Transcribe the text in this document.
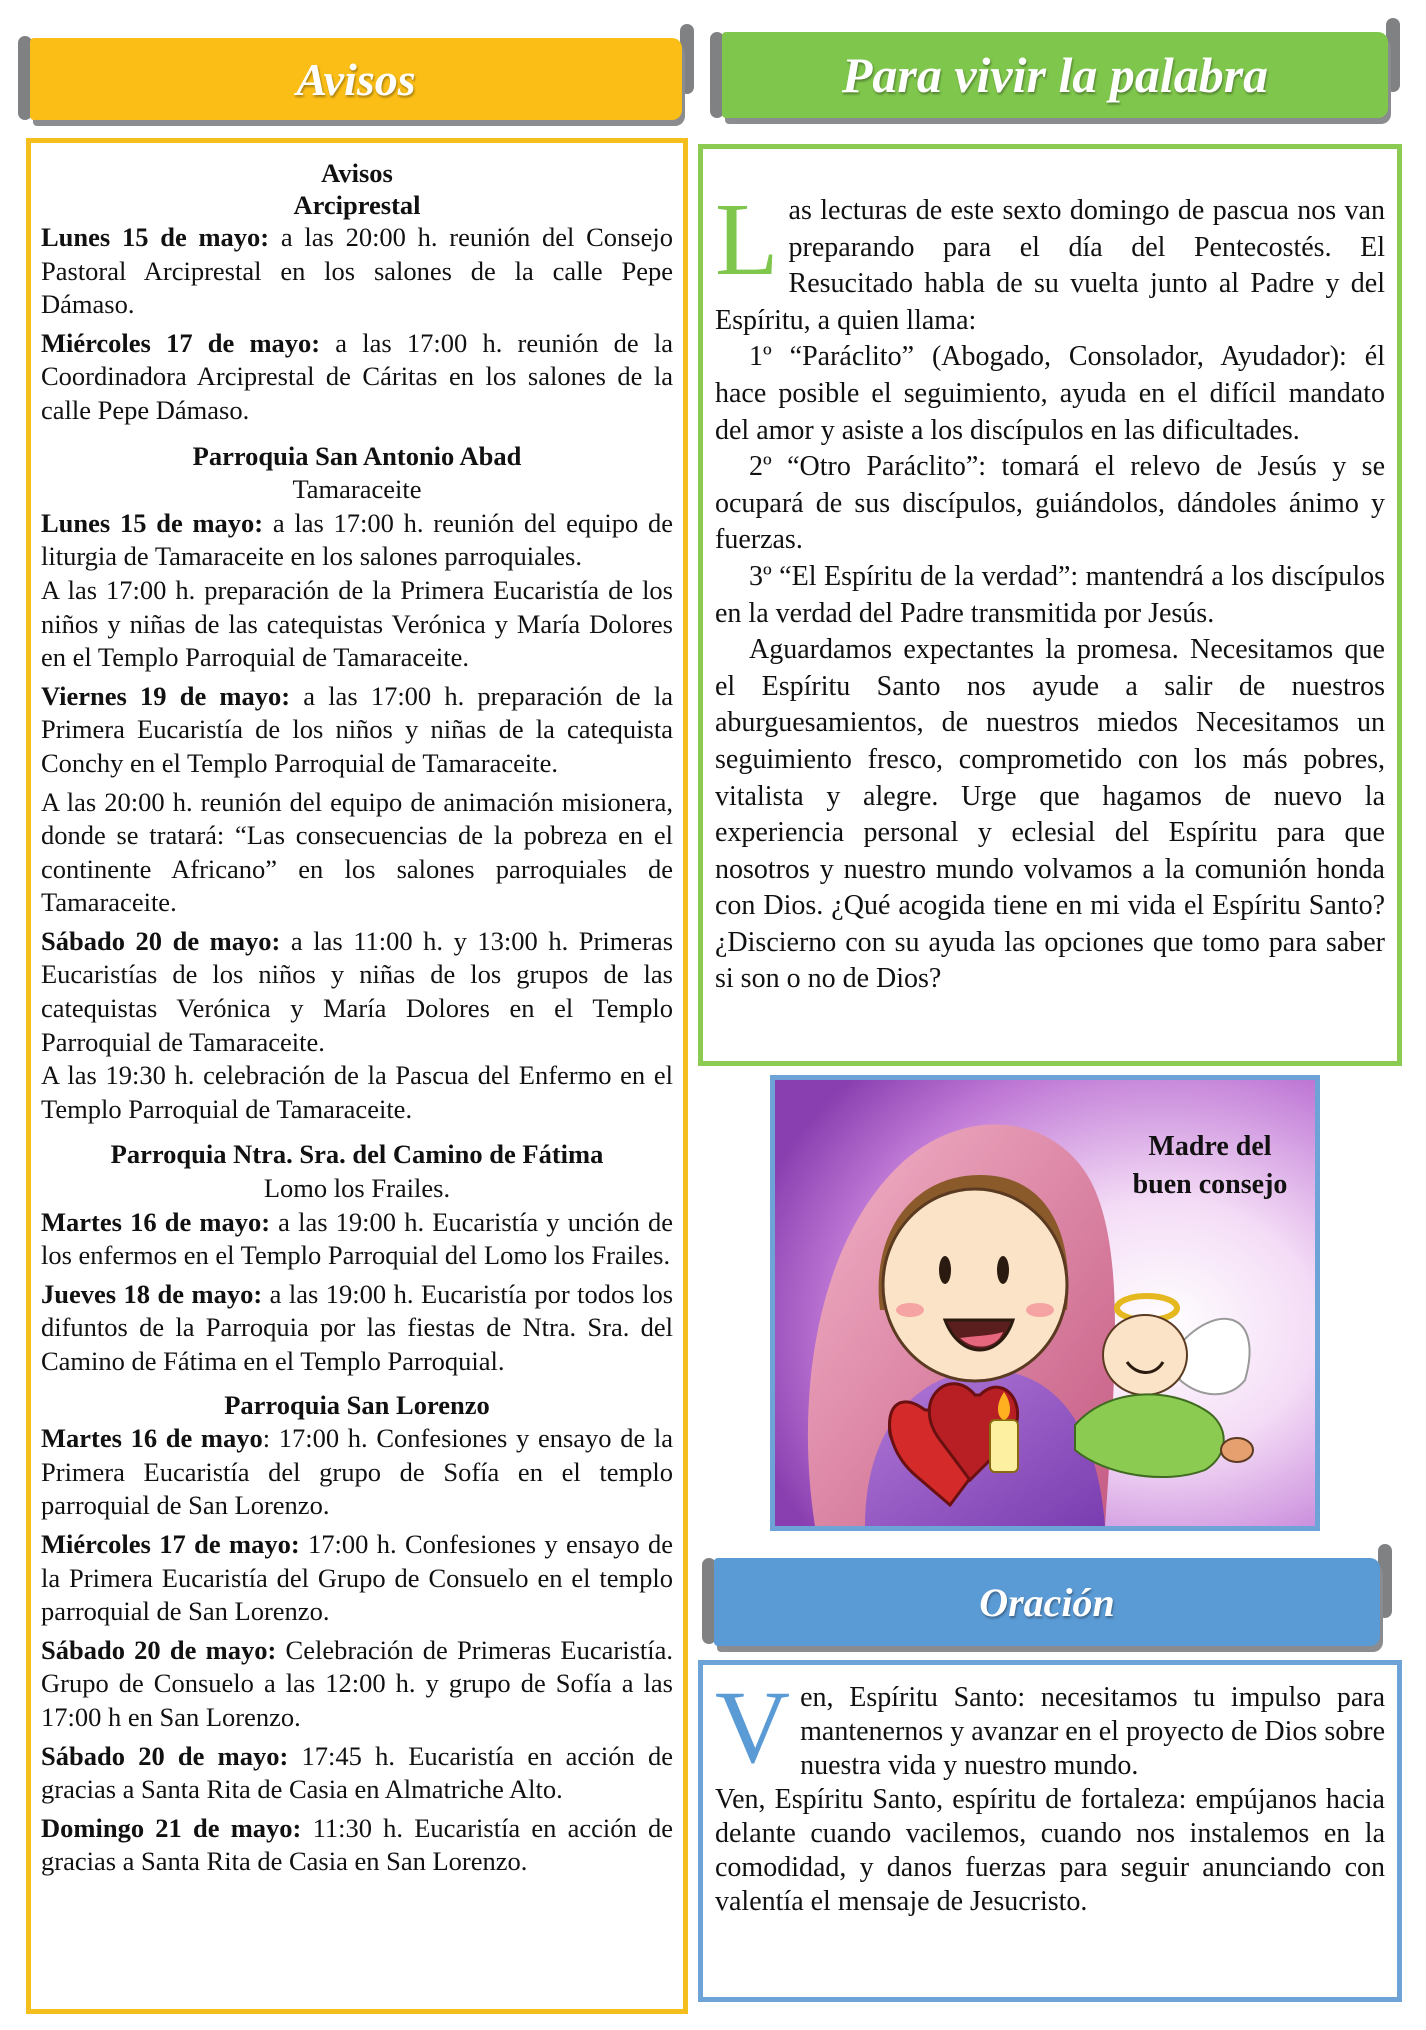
Avisos

Avisos

Arciprestal

Lunes 15 de mayo: a las 20:00 h. reunión del Consejo Pastoral Arciprestal en los salones de la calle Pepe Dámaso.

Miércoles 17 de mayo: a las 17:00 h. reunión de la Coordinadora Arciprestal de Cáritas en los salones de la calle Pepe Dámaso.

Parroquia San Antonio Abad

Tamaraceite

Lunes 15 de mayo: a las 17:00 h. reunión del equipo de liturgia de Tamaraceite en los salones parroquiales.

A las 17:00 h. preparación de la Primera Eucaristía de los niños y niñas de las catequistas Verónica y María Dolores en el Templo Parroquial de Tamaraceite.

Viernes 19 de mayo: a las 17:00 h. preparación de la Primera Eucaristía de los niños y niñas de la catequista Conchy en el Templo Parroquial de Tamaraceite.

A las 20:00 h. reunión del equipo de animación misionera, donde se tratará: “Las consecuencias de la pobreza en el continente Africano” en los salones parroquiales de Tamaraceite.

Sábado 20 de mayo: a las 11:00 h. y 13:00 h. Primeras Eucaristías de los niños y niñas de los grupos de las catequistas Verónica y María Dolores en el Templo Parroquial de Tamaraceite.

A las 19:30 h. celebración de la Pascua del Enfermo en el Templo Parroquial de Tamaraceite.

Parroquia Ntra. Sra. del Camino de Fátima

Lomo los Frailes.

Martes 16 de mayo: a las 19:00 h. Eucaristía y unción de los enfermos en el Templo Parroquial del Lomo los Frailes.

Jueves 18 de mayo: a las 19:00 h. Eucaristía por todos los difuntos de la Parroquia por las fiestas de Ntra. Sra. del Camino de Fátima en el Templo Parroquial.

Parroquia San Lorenzo

Martes 16 de mayo: 17:00 h. Confesiones y ensayo de la Primera Eucaristía del grupo de Sofía en el templo parroquial de San Lorenzo.

Miércoles 17 de mayo: 17:00 h. Confesiones y ensayo de la Primera Eucaristía del Grupo de Consuelo en el templo parroquial de San Lorenzo.

Sábado 20 de mayo: Celebración de Primeras Eucaristía. Grupo de Consuelo a las 12:00 h. y grupo de Sofía a las 17:00 h en San Lorenzo.

Sábado 20 de mayo: 17:45 h. Eucaristía en acción de gracias a Santa Rita de Casia en Almatriche Alto.

Domingo 21 de mayo: 11:30 h. Eucaristía en acción de gracias a Santa Rita de Casia en San Lorenzo.

Para vivir la palabra
L as lecturas de este sexto domingo de pascua nos van preparando para el día del Pentecostés. El Resucitado habla de su vuelta junto al Padre y del Espíritu, a quien llama:

1º “Paráclito” (Abogado, Consolador, Ayudador): él hace posible el seguimiento, ayuda en el difícil mandato del amor y asiste a los discípulos en las dificultades.

2º “Otro Paráclito”: tomará el relevo de Jesús y se ocupará de sus discípulos, guiándolos, dándoles ánimo y fuerzas.

3º “El Espíritu de la verdad”: mantendrá a los discípulos en la verdad del Padre transmitida por Jesús.

Aguardamos expectantes la promesa. Necesitamos que el Espíritu Santo nos ayude a salir de nuestros aburguesamientos, de nuestros miedos Necesitamos un seguimiento fresco, comprometido con los más pobres, vitalista y alegre. Urge que hagamos de nuevo la experiencia personal y eclesial del Espíritu para que nosotros y nuestro mundo volvamos a la comunión honda con Dios. ¿Qué acogida tiene en mi vida el Espíritu Santo? ¿Discierno con su ayuda las opciones que tomo para saber si son o no de Dios?

Madre del
buen consejo
Oración
V en, Espíritu Santo: necesitamos tu impulso para mantenernos y avanzar en el proyecto de Dios sobre nuestra vida y nuestro mundo.

Ven, Espíritu Santo, espíritu de fortaleza: empújanos hacia delante cuando vacilemos, cuando nos instalemos en la comodidad, y danos fuerzas para seguir anunciando con valentía el mensaje de Jesucristo.
